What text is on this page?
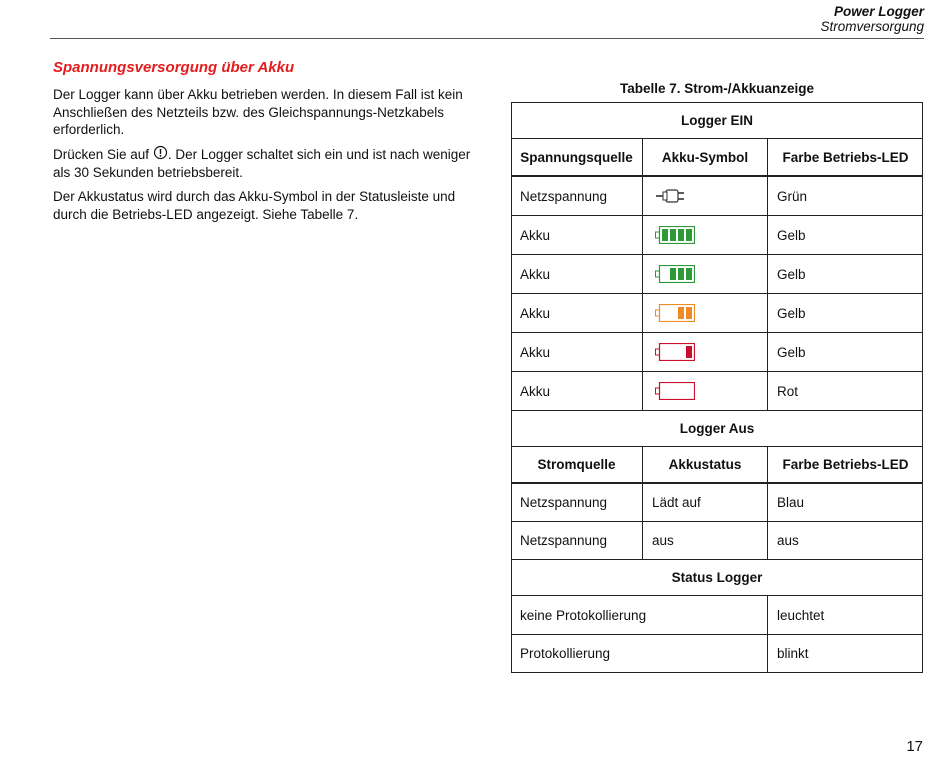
Power Logger
Stromversorgung
Spannungsversorgung über Akku

Der Logger kann über Akku betrieben werden. In diesem Fall ist kein Anschließen des Netzteils bzw. des Gleichspannungs-Netzkabels erforderlich.

Drücken Sie auf . Der Logger schaltet sich ein und ist nach weniger als 30 Sekunden betriebsbereit.

Der Akkustatus wird durch das Akku-Symbol in der Statusleiste und durch die Betriebs-LED angezeigt. Siehe Tabelle 7.

Tabelle 7. Strom-/Akkuanzeige
Logger EIN
Spannungsquelle	Akku-Symbol	Farbe Betriebs-LED
Netzspannung	Grün
Akku	Gelb
Akku	Gelb
Akku	Gelb
Akku	Gelb
Akku	Rot
Logger Aus
Stromquelle	Akkustatus	Farbe Betriebs-LED
Netzspannung	Lädt auf	Blau
Netzspannung	aus	aus
Status Logger
keine Protokollierung	leuchtet
Protokollierung	blinkt
17
